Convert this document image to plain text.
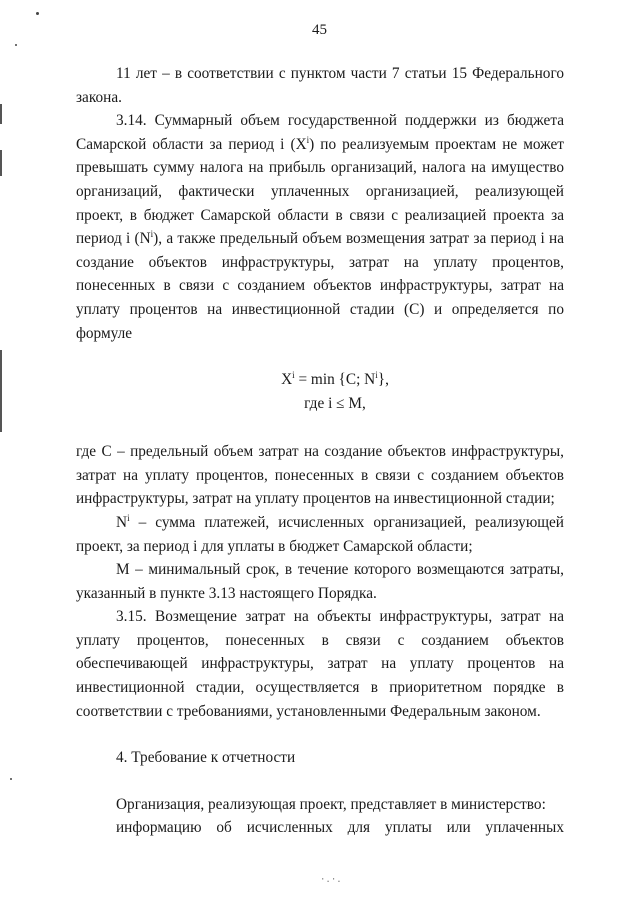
45
·.·.

11 лет – в соответствии с пунктом части 7 статьи 15 Федерального закона.

3.14. Суммарный объем государственной поддержки из бюджета Самарской области за период i $(X^i)$ по реализуемым проектам не может превышать сумму налога на прибыль организаций, налога на имущество организаций, фактически уплаченных организацией, реализующей проект, в бюджет Самарской области в связи с реализацией проекта за период i $(N^i)$, а также предельный объем возмещения затрат за период i на создание объектов инфраструктуры, затрат на уплату процентов, понесенных в связи с созданием объектов инфраструктуры, затрат на уплату процентов на инвестиционной стадии (C) и определяется по формуле

$X^i = \min \{C$; $N^i$},
где i ≤ M,

где C – предельный объем затрат на создание объектов инфраструктуры, затрат на уплату процентов, понесенных в связи с созданием объектов инфраструктуры, затрат на уплату процентов на инвестиционной стадии;

$N^i$ – сумма платежей, исчисленных организацией, реализующей проект, за период i для уплаты в бюджет Самарской области;

M – минимальный срок, в течение которого возмещаются затраты, указанный в пункте 3.13 настоящего Порядка.

3.15. Возмещение затрат на объекты инфраструктуры, затрат на уплату процентов, понесенных в связи с созданием объектов обеспечивающей инфраструктуры, затрат на уплату процентов на инвестиционной стадии, осуществляется в приоритетном порядке в соответствии с требованиями, установленными Федеральным законом.

4. Требование к отчетности

Организация, реализующая проект, представляет в министерство:

информацию об исчисленных для уплаты или уплаченных
